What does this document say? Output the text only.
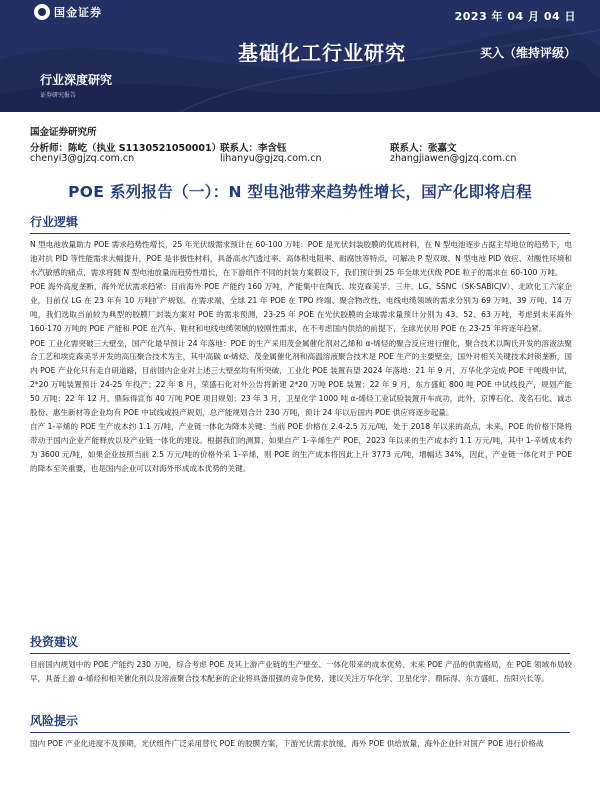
国金证券	2023 年 04 月 04 日
基础化工行业研究	买入（维持评级）
行业深度研究
证券研究报告
国金证券研究所
分析师：陈屹（执业 S1130521050001）
联系人：李含钰	联系人：张嘉文
chenyi3@gjzq.com.cn	lihanyu@gjzq.com.cn	zhangjiawen@gjzq.com.cn
POE 系列报告（一）：N 型电池带来趋势性增长，国产化即将启程
行业逻辑

N 型电池放量助力 POE 需求趋势性增长，25 年光伏级需求预计在 60-100 万吨：POE 是光伏封装胶膜的优质材料，在 N 型电池逐步占据主导地位的趋势下，电池对抗 PID 等性能需求大幅提升，POE 是非极性材料，具备高水汽透过率、高体积电阻率、耐腐蚀等特点，可解决 P 型双玻、N 型电池 PID 效应、对酸性环境和水汽敏感的痛点，需求将随 N 型电池放量而趋势性增长，在下游组件不同的封装方案假设下，我们预计到 25 年全球光伏级 POE 粒子的需求在 60-100 万吨。

POE 海外高度垄断，海外光伏需求趋紧：目前海外 POE 产能约 160 万吨，产能集中在陶氏、埃克森美孚、三井、LG、SSNC（SK-SABICJV）、北欧化工六家企业，目前仅 LG 在 23 年有 10 万吨扩产规划。在需求端，全球 21 年 POE 在 TPO 终端、聚合物改性、电线电缆领域的需求分别为 69 万吨、39 万吨、14 万吨，我们选取当前较为典型的胶膜厂封装方案对 POE 的需求预测，23-25 年 POE 在光伏胶膜的全球需求量预计分别为 43、52、63 万吨，考虑到未来海外 160-170 万吨的 POE 产能和 POE 在汽车、鞋材和电线电缆领域的较刚性需求，在不考虑国内供给的前提下，全球光伏用 POE 在 23-25 年将逐年趋紧。

POE 工业化需突破三大壁垒，国产化最早预计 24 年落地：POE 的生产采用茂金属催化剂对乙烯和 α-烯烃的聚合反应进行催化，聚合技术以陶氏开发的溶液法聚合工艺和埃克森美孚开发的高压聚合技术为主，其中高碳 α-烯烃、茂金属催化剂和高温溶液聚合技术是 POE 生产的主要壁垒，国外对相关关键技术封锁垄断，国内 POE 产业化只有走自研道路，目前国内企业对上述三大壁垒均有所突破，工业化 POE 装置有望 2024 年落地：21 年 9 月，万华化学完成 POE 千吨级中试，2*20 万吨装置预计 24-25 年投产；22 年 8 月，荣盛石化对外公告将新建 2*20 万吨 POE 装置；22 年 9 月，东方盛虹 800 吨 POE 中试线投产，规划产能 50 万吨；22 年 12 月，鼎际得宣布 40 万吨 POE 项目规划；23 年 3 月，卫星化学 1000 吨 α-烯烃工业试验装置开车成功，此外，京博石化、茂名石化、诚志股份、惠生新材等企业均有 POE 中试线或投产规划，总产能规划合计 230 万吨，预计 24 年以后国内 POE 供应将逐步起量。

自产 1-辛烯的 POE 生产成本约 1.1 万/吨，产业链一体化为降本关键：当前 POE 价格在 2.4-2.5 万元/吨，处于 2018 年以来的高点，未来，POE 的价格下降将带动于国内企业产能释放以及产业链一体化的建设。根据我们的测算，如果自产 1-辛烯生产 POE，2023 年以来的生产成本约 1.1 万元/吨，其中 1-辛烯成本约为 3600 元/吨，如果企业按照当前 2.5 万元/吨的价格外采 1-辛烯，则 POE 的生产成本将因此上升 3773 元/吨，增幅达 34%，因此，产业链一体化对于 POE 的降本至关重要，也是国内企业可以对海外形成成本优势的关键。

投资建议

目前国内规划中的 POE 产能约 230 万吨，综合考虑 POE 及其上游产业链的生产壁垒、一体化带来的成本优势、未来 POE 产品的供需格局，在 POE 领域布局较早，具备上游 α-烯烃和相关催化剂以及溶液聚合技术配套的企业将具备很强的竞争优势，建议关注万华化学、卫星化学、鼎际得、东方盛虹、岳阳兴长等。

风险提示

国内 POE 产业化进度不及预期，光伏组件广泛采用替代 POE 的胶膜方案，下游光伏需求放缓，海外 POE 供给放量，海外企业针对国产 POE 进行价格战
